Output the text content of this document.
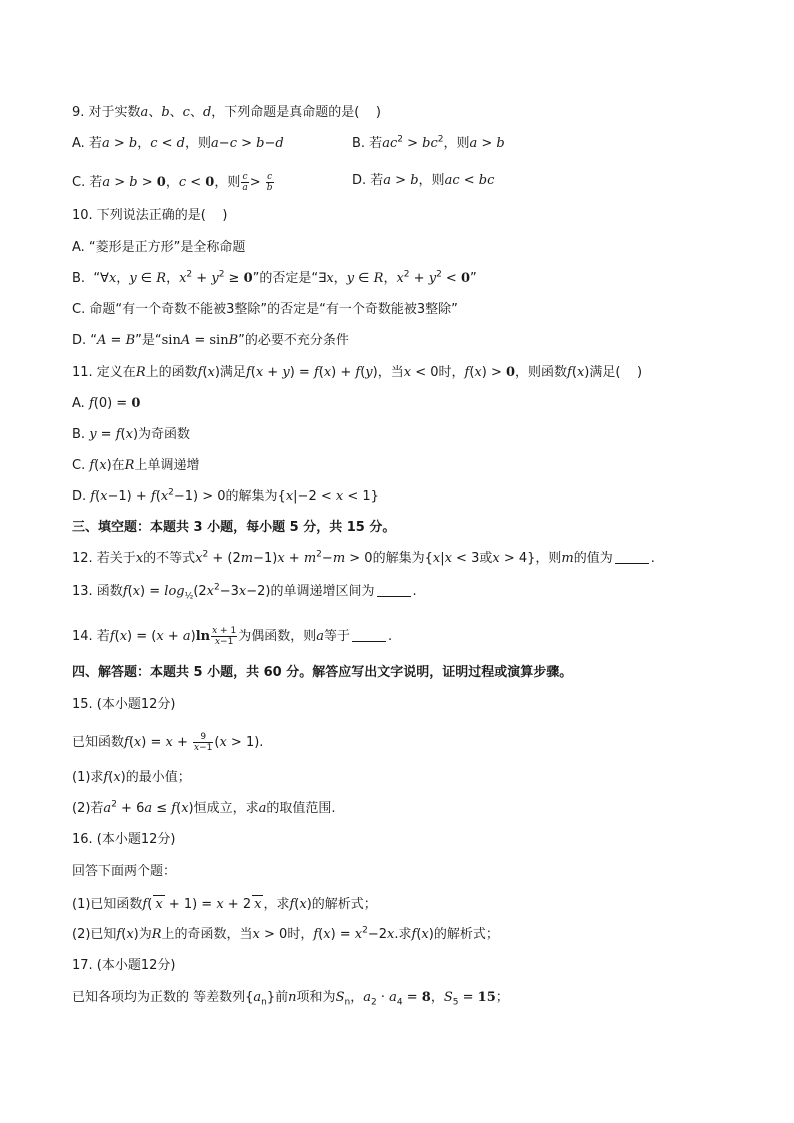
9. 对于实数a、b、c、d，下列命题是真命题的是(    )
A. 若a > b，c < d，则a−c > b−d	B. 若$ac^2 > bc^2$，则a > b
C. 若a > b > 0，c < 0，则 $\frac{c}{a} > \frac{c}{b}$	D. 若a > b，则ac < bc
10. 下列说法正确的是(    )
A. “菱形是正方形”是全称命题
B.  “∀x，y ∈ R，$x^2 + y^2 \ge 0$”的否定是“∃x，y ∈ R，$x^2 + y^2 < 0$”
C. 命题“有一个奇数不能被3整除”的否定是“有一个奇数能被3整除”
D. “A = B”是“sinA = sinB”的必要不充分条件
11. 定义在R上的函数f(x)满足f(x + y) = f(x) + f(y)，当x < 0时，f(x) > 0，则函数f(x)满足(    )
A. f(0) = 0
B. y = f(x)为奇函数
C. f(x)在R上单调递增
D. $f(x-1) + f(x^2-1) > 0$的解集为{x|−2 < x < 1}
三、填空题：本题共 3 小题，每小题 5 分，共 15 分。
12. 若关于x的不等式$x^2 + (2m-1)x + m^2-m > 0$的解集为{x|x < 3或x > 4}，则m的值为	.
13. 函数$f(x) = \log_{\frac{1}{2}}(2x^2-3x-2)$的单调递增区间为	.
14. 若$f(x) = (x + a)\ln \frac{x + 1}{x-1}$ 为偶函数，则a等于	.
四、解答题：本题共 5 小题，共 60 分。解答应写出文字说明，证明过程或演算步骤。
15. (本小题12分)
已知函数$f(x) = x + \frac{9}{x-1} (x > 1)$.
(1)求f(x)的最小值；
(2)若$a^2 + 6a \le f(x)$恒成立，求a的取值范围.
16. (本小题12分)
回答下面两个题：
(1)已知函数f( x + 1) = x + 2 x ，求f(x)的解析式；
(2)已知f(x)为R上的奇函数，当x > 0时，$f(x) = x^2-2x$.求f(x)的解析式；
17. (本小题12分)
已知各项均为正数的 等差数列$\{a_n\}$前n项和为$S_n$，$a_2 \cdot a_4 = 8$，$S_5 = 15$；
